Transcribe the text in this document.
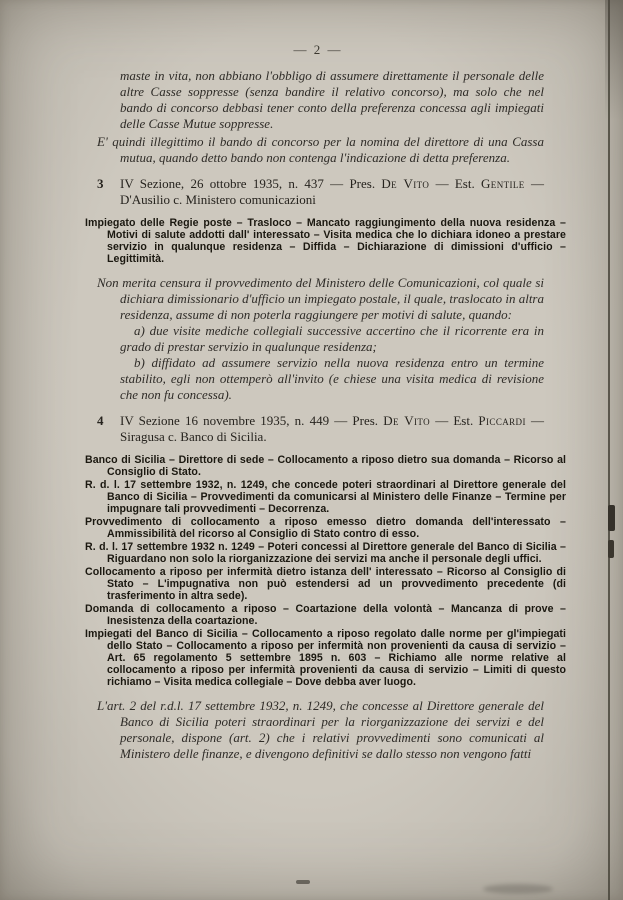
— 2 —

maste in vita, non abbiano l'obbligo di assumere direttamente il personale delle altre Casse soppresse (senza bandire il relativo concorso), ma solo che nel bando di concorso debbasi tener conto della preferenza concessa agli impiegati delle Casse Mutue soppresse.

E' quindi illegittimo il bando di concorso per la nomina del direttore di una Cassa mutua, quando detto bando non contenga l'indicazione di detta preferenza.

3	IV Sezione, 26 ottobre 1935, n. 437 — Pres. De Vito — Est. Gentile — D'Ausilio c. Ministero comunicazioni

Impiegato delle Regie poste – Trasloco – Mancato raggiungimento della nuova residenza – Motivi di salute addotti dall' interessato – Visita medica che lo dichiara idoneo a prestare servizio in qualunque residenza – Diffida – Dichiarazione di dimissioni d'ufficio – Legittimità.

Non merita censura il provvedimento del Ministero delle Comunicazioni, col quale si dichiara dimissionario d'ufficio un impiegato postale, il quale, traslocato in altra residenza, assume di non poterla raggiungere per motivi di salute, quando:

a) due visite mediche collegiali successive accertino che il ricorrente era in grado di prestar servizio in qualunque residenza;

b) diffidato ad assumere servizio nella nuova residenza entro un termine stabilito, egli non ottemperò all'invito (e chiese una visita medica di revisione che non fu concessa).

4	IV Sezione 16 novembre 1935, n. 449 — Pres. De Vito — Est. Piccardi — Siragusa c. Banco di Sicilia.

Banco di Sicilia – Direttore di sede – Collocamento a riposo dietro sua domanda – Ricorso al Consiglio di Stato.

R. d. l. 17 settembre 1932, n. 1249, che concede poteri straordinari al Direttore generale del Banco di Sicilia – Provvedimenti da comunicarsi al Ministero delle Finanze – Termine per impugnare tali provvedimenti – Decorrenza.

Provvedimento di collocamento a riposo emesso dietro domanda dell'interessato – Ammissibilità del ricorso al Consiglio di Stato contro di esso.

R. d. l. 17 settembre 1932 n. 1249 – Poteri concessi al Direttore generale del Banco di Sicilia – Riguardano non solo la riorganizzazione dei servizi ma anche il personale degli uffici.

Collocamento a riposo per infermità dietro istanza dell' interessato – Ricorso al Consiglio di Stato – L'impugnativa non può estendersi ad un provvedimento precedente (di trasferimento in altra sede).

Domanda di collocamento a riposo – Coartazione della volontà – Mancanza di prove – Inesistenza della coartazione.

Impiegati del Banco di Sicilia – Collocamento a riposo regolato dalle norme per gl'impiegati dello Stato – Collocamento a riposo per infermità non provenienti da causa di servizio – Art. 65 regolamento 5 settembre 1895 n. 603 – Richiamo alle norme relative al collocamento a riposo per infermità provenienti da causa di servizio – Limiti di questo richiamo – Visita medica collegiale – Dove debba aver luogo.

L'art. 2 del r.d.l. 17 settembre 1932, n. 1249, che concesse al Direttore generale del Banco di Sicilia poteri straordinari per la riorganizzazione dei servizi e del personale, dispone (art. 2) che i relativi provvedimenti sono comunicati al Ministero delle finanze, e divengono definitivi se dallo stesso non vengono fatti
